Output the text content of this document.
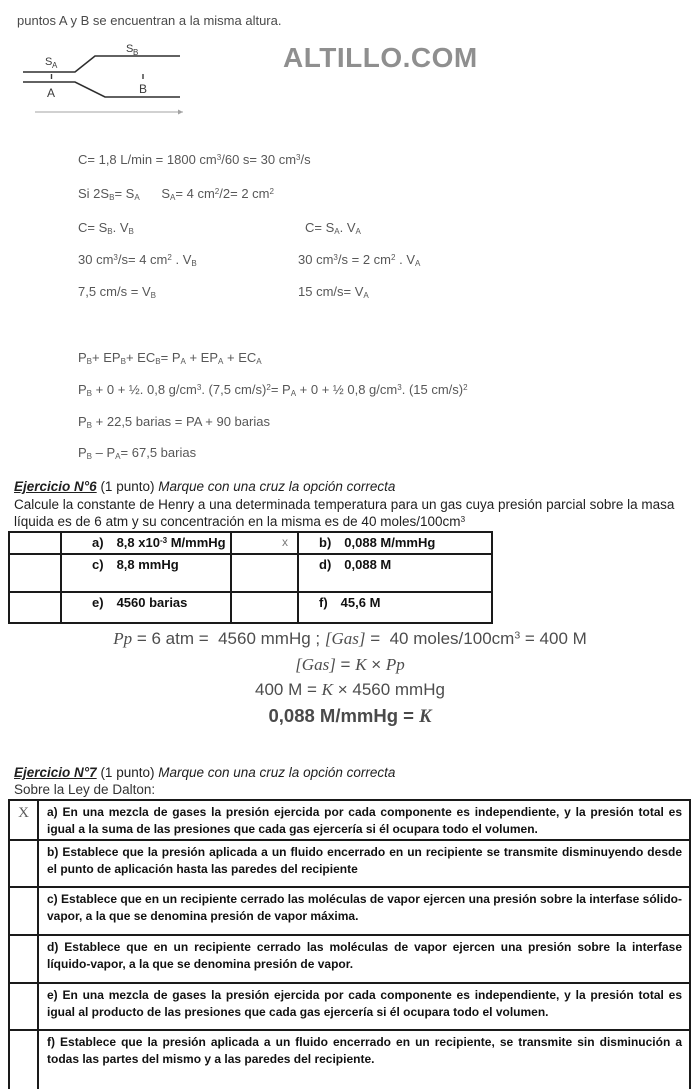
puntos A y B se encuentran a la misma altura.
S A
S B
A	B
ALTILLO.COM
C= 1,8 L/min = 1800 $cm^3/60$ s= 30 $cm^3/s$
Si $2S_B= S_A$      $S_A= 4$ $cm^2/2= 2$ $cm^2$
$C= S_B$. $V_B$	$C= S_A$. $V_A$
30 $cm^3/s= 4$ $cm^2$ . $V_B$	30 $cm^3/s = 2$ $cm^2$ . $V_A$
7,5 $cm/s = V_B$	15 $cm/s= V_A$
$P_B+ EP_B+ EC_B= P_A + EP_A + EC_A$
$P_B + 0$ + ½. 0,8 $g/cm^3$. (7,5 $cm/s)^2= P_A + 0$ + ½ 0,8 $g/cm^3$. (15 cm/s)$^2$
$P_B + 22,5$ barias = PA + 90 barias
$P_B - P_A= 67,5$ barias
Ejercicio N°6 (1 punto) Marque con una cruz la opción correcta
Calcule la constante de Henry a una determinada temperatura para un gas cuya presión parcial sobre la masa líquida es de 6 atm y su concentración en la misma es de 40 moles/$100cm^3$
	a) 8,8 $x10^{-3}$ M/mmHg	x	b) 0,088 M/mmHg
	c) 8,8 mmHg		d) 0,088 M
	e) 4560 barias		f) 45,6 M
Pp = 6 atm =  4560 mmHg ; [Gas] =  40 moles/$100cm^3 = 400$ M
[Gas] = K × Pp
400 M = K × 4560 mmHg
0,088 M/mmHg = K
Ejercicio N°7 (1 punto) Marque con una cruz la opción correcta
Sobre la Ley de Dalton:
X	a) En una mezcla de gases la presión ejercida por cada componente es independiente, y la presión total es igual a la suma de las presiones que cada gas ejercería si él ocupara todo el volumen.
	b) Establece que la presión aplicada a un fluido encerrado en un recipiente se transmite disminuyendo desde el punto de aplicación hasta las paredes del recipiente
	c) Establece que en un recipiente cerrado las moléculas de vapor ejercen una presión sobre la interfase sólido-vapor, a la que se denomina presión de vapor máxima.
	d) Establece que en un recipiente cerrado las moléculas de vapor ejercen una presión sobre la interfase líquido-vapor, a la que se denomina presión de vapor.
	e) En una mezcla de gases la presión ejercida por cada componente es independiente, y la presión total es igual al producto de las presiones que cada gas ejercería si él ocupara todo el volumen.
	f) Establece que la presión aplicada a un fluido encerrado en un recipiente, se transmite sin disminución a todas las partes del mismo y a las paredes del recipiente.
